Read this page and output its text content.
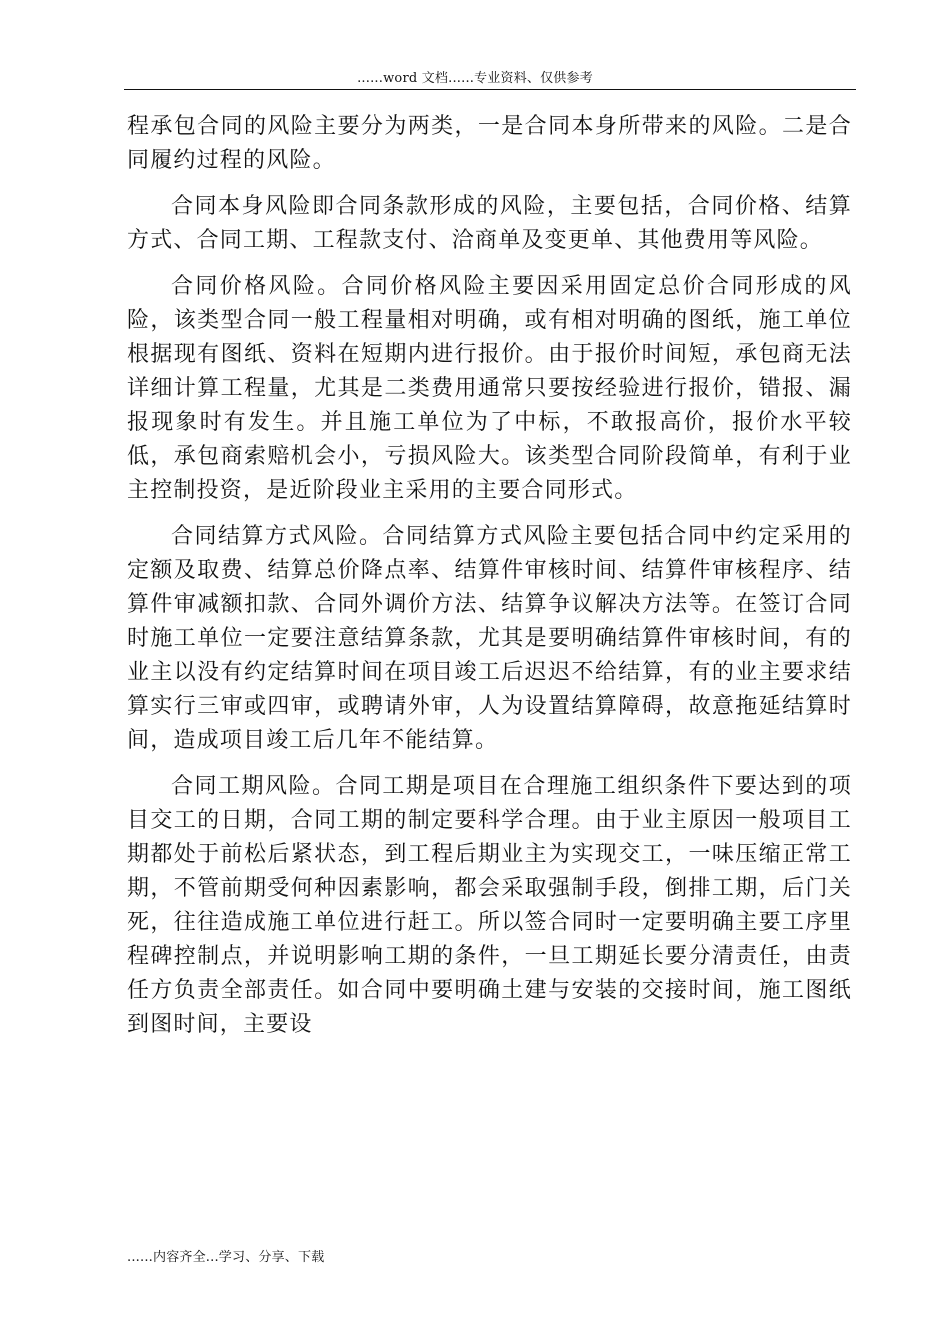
......word 文档......专业资料、仅供参考

程承包合同的风险主要分为两类，一是合同本身所带来的风险。二是合同履约过程的风险。

合同本身风险即合同条款形成的风险，主要包括，合同价格、结算方式、合同工期、工程款支付、洽商单及变更单、其他费用等风险。

合同价格风险。合同价格风险主要因采用固定总价合同形成的风险，该类型合同一般工程量相对明确，或有相对明确的图纸，施工单位根据现有图纸、资料在短期内进行报价。由于报价时间短，承包商无法详细计算工程量，尤其是二类费用通常只要按经验进行报价，错报、漏报现象时有发生。并且施工单位为了中标，不敢报高价，报价水平较低，承包商索赔机会小，亏损风险大。该类型合同阶段简单，有利于业主控制投资，是近阶段业主采用的主要合同形式。

合同结算方式风险。合同结算方式风险主要包括合同中约定采用的定额及取费、结算总价降点率、结算件审核时间、结算件审核程序、结算件审减额扣款、合同外调价方法、结算争议解决方法等。在签订合同时施工单位一定要注意结算条款，尤其是要明确结算件审核时间，有的业主以没有约定结算时间在项目竣工后迟迟不给结算，有的业主要求结算实行三审或四审，或聘请外审，人为设置结算障碍，故意拖延结算时间，造成项目竣工后几年不能结算。

合同工期风险。合同工期是项目在合理施工组织条件下要达到的项目交工的日期，合同工期的制定要科学合理。由于业主原因一般项目工期都处于前松后紧状态，到工程后期业主为实现交工，一味压缩正常工期，不管前期受何种因素影响，都会采取强制手段，倒排工期，后门关死，往往造成施工单位进行赶工。所以签合同时一定要明确主要工序里程碑控制点，并说明影响工期的条件，一旦工期延长要分清责任，由责任方负责全部责任。如合同中要明确土建与安装的交接时间，施工图纸到图时间，主要设

......内容齐全...学习、分享、下载
